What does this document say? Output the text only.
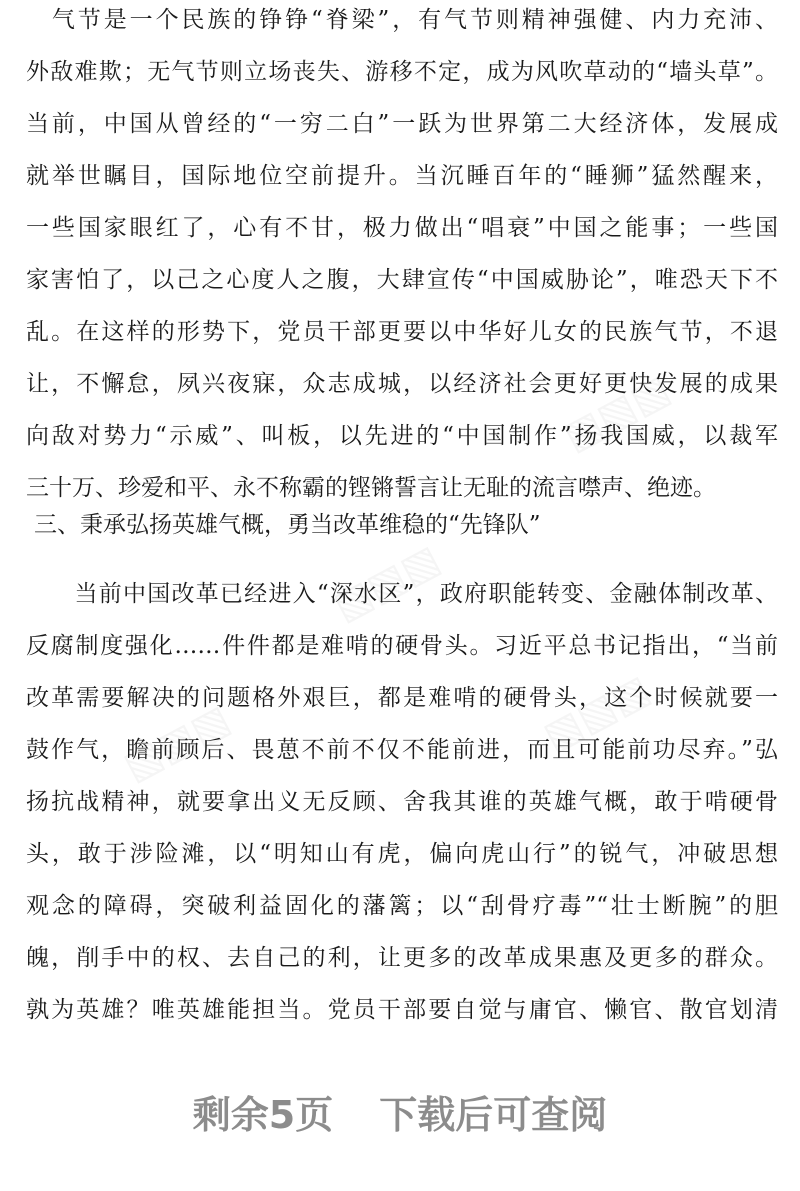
▧▧▧
▧▧▧
▧▧▧	▧▧▧
　气节是一个民族的铮铮“脊梁”，有气节则精神强健、内力充沛、
外敌难欺；无气节则立场丧失、游移不定，成为风吹草动的“墙头草”。
当前，中国从曾经的“一穷二白”一跃为世界第二大经济体，发展成
就举世瞩目，国际地位空前提升。当沉睡百年的“睡狮”猛然醒来，
一些国家眼红了，心有不甘，极力做出“唱衰”中国之能事；一些国
家害怕了，以己之心度人之腹，大肆宣传“中国威胁论”，唯恐天下不
乱。在这样的形势下，党员干部更要以中华好儿女的民族气节，不退
让，不懈怠，夙兴夜寐，众志成城，以经济社会更好更快发展的成果
向敌对势力“示威”、叫板，以先进的“中国制作”扬我国威，以裁军
三十万、珍爱和平、永不称霸的铿锵誓言让无耻的流言噤声、绝迹。
三、秉承弘扬英雄气概，勇当改革维稳的“先锋队”
　　当前中国改革已经进入“深水区”，政府职能转变、金融体制改革、
反腐制度强化……件件都是难啃的硬骨头。习近平总书记指出，“当前
改革需要解决的问题格外艰巨，都是难啃的硬骨头，这个时候就要一
鼓作气，瞻前顾后、畏葸不前不仅不能前进，而且可能前功尽弃。”弘
扬抗战精神，就要拿出义无反顾、舍我其谁的英雄气概，敢于啃硬骨
头，敢于涉险滩，以“明知山有虎，偏向虎山行”的锐气，冲破思想
观念的障碍，突破利益固化的藩篱；以“刮骨疗毒”“壮士断腕”的胆
魄，削手中的权、去自己的利，让更多的改革成果惠及更多的群众。
孰为英雄？唯英雄能担当。党员干部要自觉与庸官、懒官、散官划清
剩余5页 下载后可查阅
